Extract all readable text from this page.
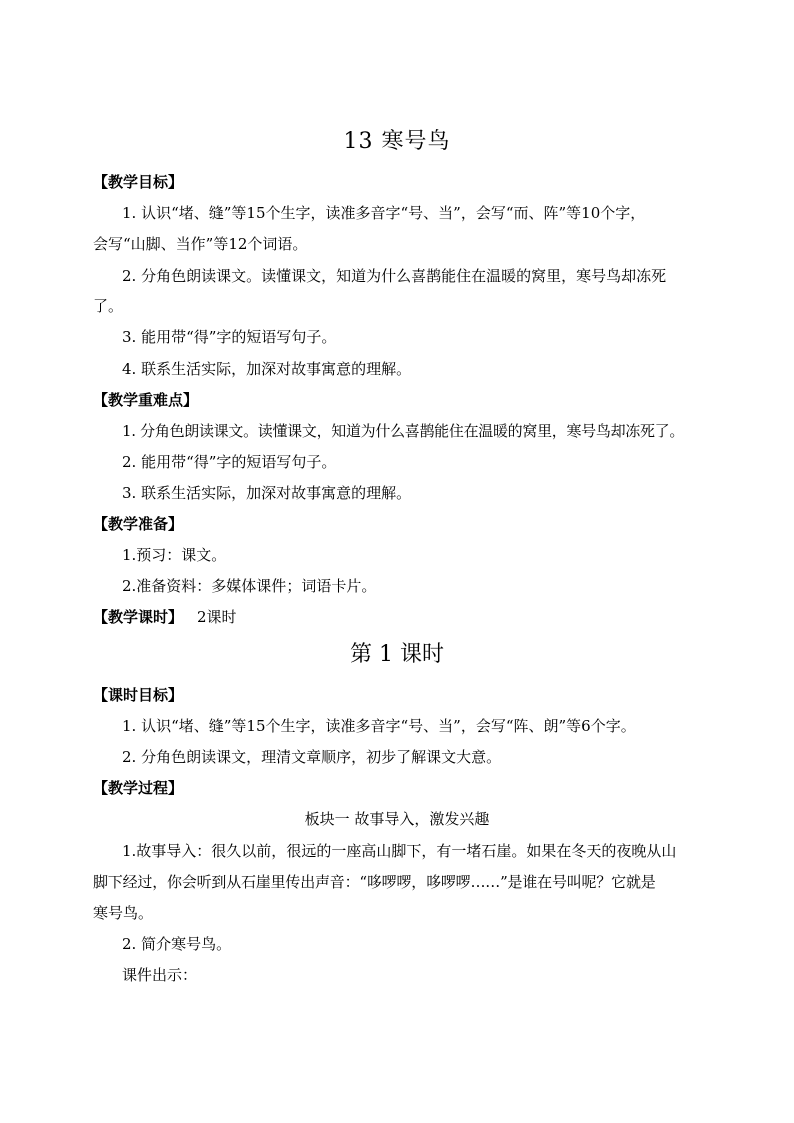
13 寒号鸟
【教学目标】
1. 认识“堵、缝”等15个生字，读准多音字“号、当”，会写“而、阵”等10个字，
会写“山脚、当作”等12个词语。
2. 分角色朗读课文。读懂课文，知道为什么喜鹊能住在温暖的窝里，寒号鸟却冻死
了。
3. 能用带“得”字的短语写句子。
4. 联系生活实际，加深对故事寓意的理解。
【教学重难点】
1. 分角色朗读课文。读懂课文，知道为什么喜鹊能住在温暖的窝里，寒号鸟却冻死了。
2. 能用带“得”字的短语写句子。
3. 联系生活实际，加深对故事寓意的理解。
【教学准备】
1.预习：课文。
2.准备资料：多媒体课件；词语卡片。
【教学课时】 2课时
第 1 课时
【课时目标】
1. 认识“堵、缝”等15个生字，读准多音字“号、当”，会写“阵、朗”等6个字。
2. 分角色朗读课文，理清文章顺序，初步了解课文大意。
【教学过程】
板块一 故事导入，激发兴趣
1.故事导入：很久以前，很远的一座高山脚下，有一堵石崖。如果在冬天的夜晚从山
脚下经过，你会听到从石崖里传出声音：“哆啰啰，哆啰啰……”是谁在号叫呢？它就是
寒号鸟。
2. 简介寒号鸟。
课件出示：
